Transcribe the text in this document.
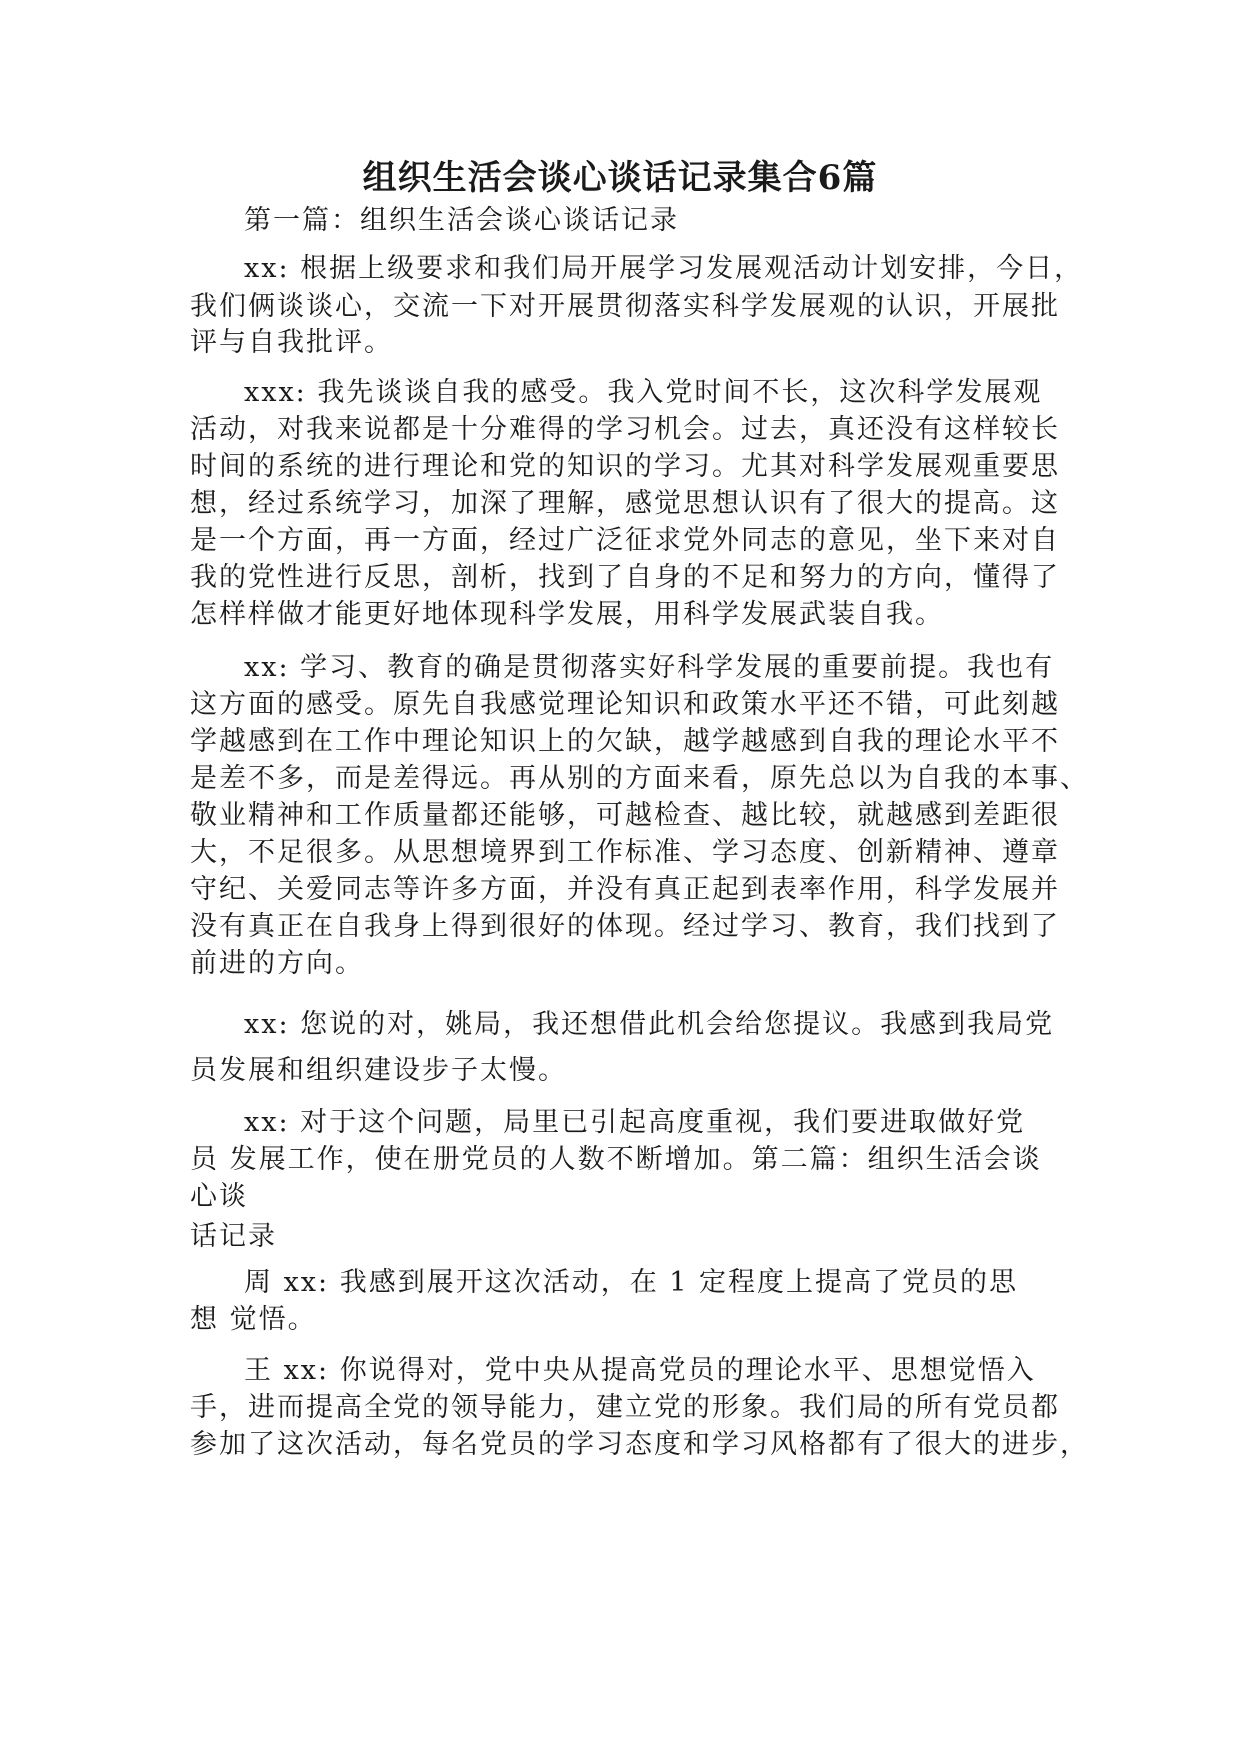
组织生活会谈心谈话记录集合6篇
第一篇：组织生活会谈心谈话记录
xx: 根据上级要求和我们局开展学习发展观活动计划安排，今日，
我们俩谈谈心，交流一下对开展贯彻落实科学发展观的认识，开展批
评与自我批评。
xxx: 我先谈谈自我的感受。我入党时间不长，这次科学发展观
活动，对我来说都是十分难得的学习机会。过去，真还没有这样较长
时间的系统的进行理论和党的知识的学习。尤其对科学发展观重要思
想，经过系统学习，加深了理解，感觉思想认识有了很大的提高。这
是一个方面，再一方面，经过广泛征求党外同志的意见，坐下来对自
我的党性进行反思，剖析，找到了自身的不足和努力的方向，懂得了
怎样样做才能更好地体现科学发展，用科学发展武装自我。
xx: 学习、教育的确是贯彻落实好科学发展的重要前提。我也有
这方面的感受。原先自我感觉理论知识和政策水平还不错，可此刻越
学越感到在工作中理论知识上的欠缺，越学越感到自我的理论水平不
是差不多，而是差得远。再从别的方面来看，原先总以为自我的本事、
敬业精神和工作质量都还能够，可越检查、越比较，就越感到差距很
大，不足很多。从思想境界到工作标准、学习态度、创新精神、遵章
守纪、关爱同志等许多方面，并没有真正起到表率作用，科学发展并
没有真正在自我身上得到很好的体现。经过学习、教育，我们找到了
前进的方向。
xx: 您说的对，姚局，我还想借此机会给您提议。我感到我局党
员发展和组织建设步子太慢。
xx: 对于这个问题，局里已引起高度重视，我们要进取做好党
员 发展工作，使在册党员的人数不断增加。第二篇：组织生活会谈
心谈
话记录
周 xx: 我感到展开这次活动，在 1 定程度上提高了党员的思
想 觉悟。
王 xx: 你说得对，党中央从提高党员的理论水平、思想觉悟入
手，进而提高全党的领导能力，建立党的形象。我们局的所有党员都
参加了这次活动，每名党员的学习态度和学习风格都有了很大的进步，
